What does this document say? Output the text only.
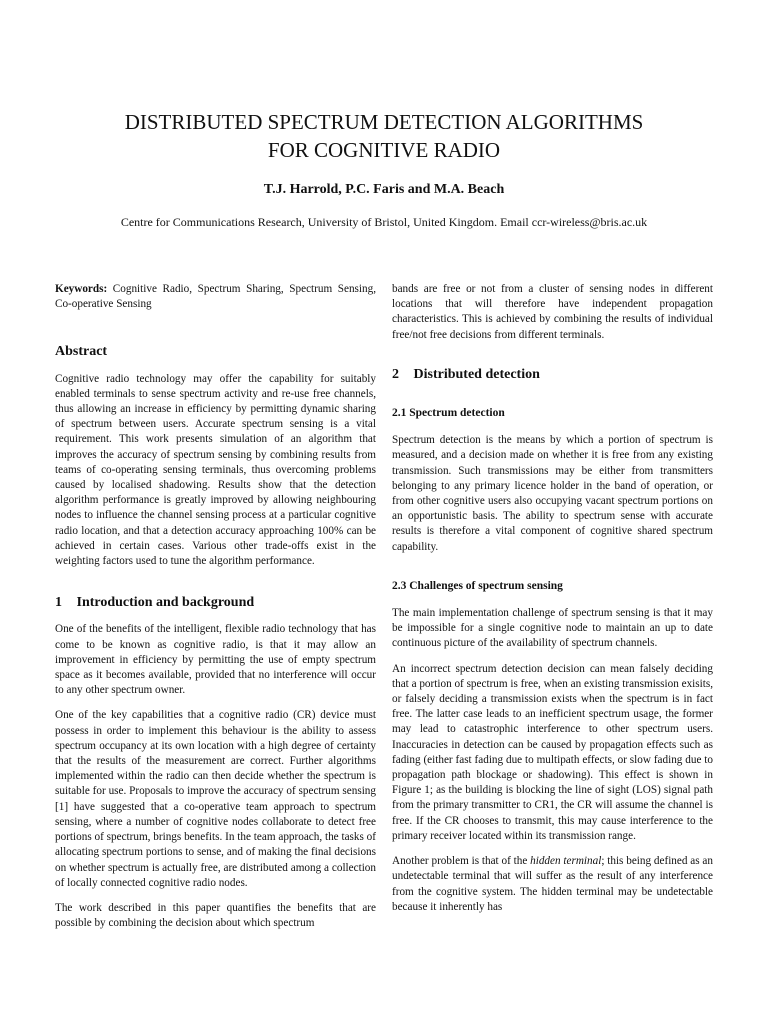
DISTRIBUTED SPECTRUM DETECTION ALGORITHMS
FOR COGNITIVE RADIO

T.J. Harrold, P.C. Faris and M.A. Beach

Centre for Communications Research, University of Bristol, United Kingdom. Email ccr-wireless@bris.ac.uk

Keywords: Cognitive Radio, Spectrum Sharing, Spectrum Sensing, Co-operative Sensing

Abstract

Cognitive radio technology may offer the capability for suitably enabled terminals to sense spectrum activity and re-use free channels, thus allowing an increase in efficiency by permitting dynamic sharing of spectrum between users. Accurate spectrum sensing is a vital requirement. This work presents simulation of an algorithm that improves the accuracy of spectrum sensing by combining results from teams of co-operating sensing terminals, thus overcoming problems caused by localised shadowing. Results show that the detection algorithm performance is greatly improved by allowing neighbouring nodes to influence the channel sensing process at a particular cognitive radio location, and that a detection accuracy approaching 100% can be achieved in certain cases. Various other trade-offs exist in the weighting factors used to tune the algorithm performance.

1 Introduction and background

One of the benefits of the intelligent, flexible radio technology that has come to be known as cognitive radio, is that it may allow an improvement in efficiency by permitting the use of empty spectrum space as it becomes available, provided that no interference will occur to any other spectrum owner.

One of the key capabilities that a cognitive radio (CR) device must possess in order to implement this behaviour is the ability to assess spectrum occupancy at its own location with a high degree of certainty that the results of the measurement are correct. Further algorithms implemented within the radio can then decide whether the spectrum is suitable for use. Proposals to improve the accuracy of spectrum sensing [1] have suggested that a co-operative team approach to spectrum sensing, where a number of cognitive nodes collaborate to detect free portions of spectrum, brings benefits. In the team approach, the tasks of allocating spectrum portions to sense, and of making the final decisions on whether spectrum is actually free, are distributed among a collection of locally connected cognitive radio nodes.

The work described in this paper quantifies the benefits that are possible by combining the decision about which spectrum

bands are free or not from a cluster of sensing nodes in different locations that will therefore have independent propagation characteristics. This is achieved by combining the results of individual free/not free decisions from different terminals.

2 Distributed detection
2.1 Spectrum detection

Spectrum detection is the means by which a portion of spectrum is measured, and a decision made on whether it is free from any existing transmission. Such transmissions may be either from transmitters belonging to any primary licence holder in the band of operation, or from other cognitive users also occupying vacant spectrum portions on an opportunistic basis. The ability to spectrum sense with accurate results is therefore a vital component of cognitive shared spectrum capability.

2.3 Challenges of spectrum sensing

The main implementation challenge of spectrum sensing is that it may be impossible for a single cognitive node to maintain an up to date continuous picture of the availability of spectrum channels.

An incorrect spectrum detection decision can mean falsely deciding that a portion of spectrum is free, when an existing transmission exisits, or falsely deciding a transmission exists when the spectrum is in fact free. The latter case leads to an inefficient spectrum usage, the former may lead to catastrophic interference to other spectrum users. Inaccuracies in detection can be caused by propagation effects such as fading (either fast fading due to multipath effects, or slow fading due to propagation path blockage or shadowing). This effect is shown in Figure 1; as the building is blocking the line of sight (LOS) signal path from the primary transmitter to CR1, the CR will assume the channel is free. If the CR chooses to transmit, this may cause interference to the primary receiver located within its transmission range.

Another problem is that of the hidden terminal; this being defined as an undetectable terminal that will suffer as the result of any interference from the cognitive system. The hidden terminal may be undetectable because it inherently has
